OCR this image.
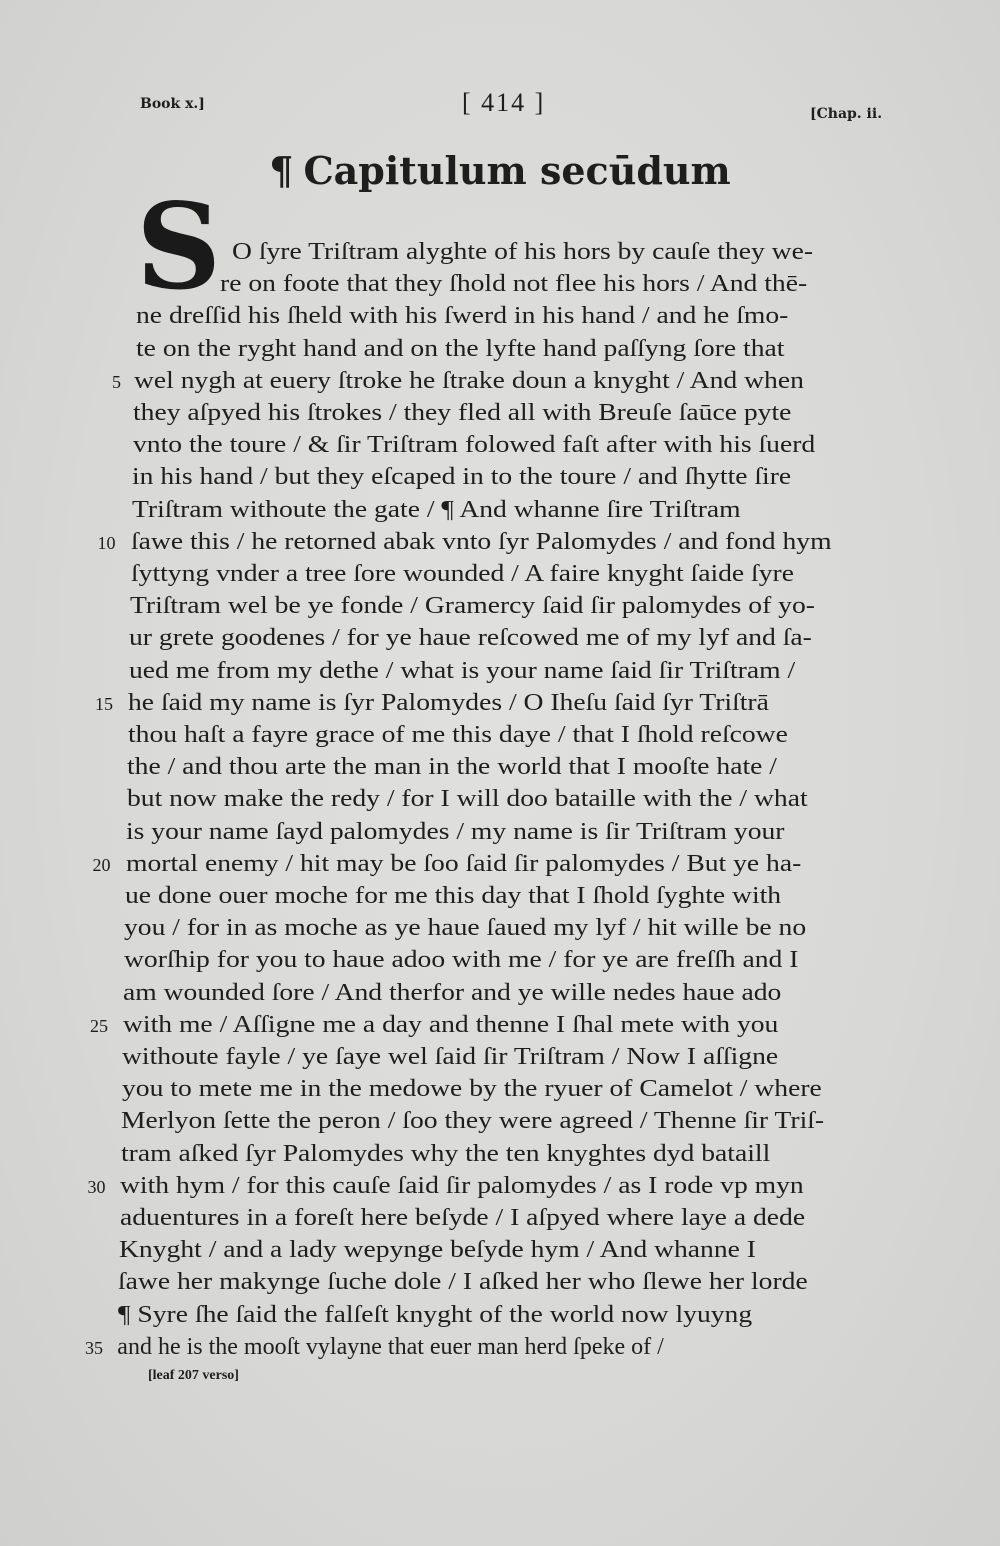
Book x.]	[ 414 ]	[Chap. ii.
¶ Capitulum secūdum
S O ſyre Triſtram alyghte of his hors by cauſe they we-
re on foote that they ſhold not flee his hors / And thē-
ne dreſſid his ſheld with his ſwerd in his hand / and he ſmo-
te on the ryght hand and on the lyfte hand paſſyng ſore that
wel nygh at euery ſtroke he ſtrake doun a knyght / And when
5
they aſpyed his ſtrokes / they fled all with Breuſe ſaūce pyte
vnto the toure / & ſir Triſtram folowed faſt after with his ſuerd
in his hand / but they eſcaped in to the toure / and ſhytte ſire
Triſtram withoute the gate / ¶ And whanne ſire Triſtram
ſawe this / he retorned abak vnto ſyr Palomydes / and fond hym
10
ſyttyng vnder a tree ſore wounded / A faire knyght ſaide ſyre
Triſtram wel be ye fonde / Gramercy ſaid ſir palomydes of yo-
ur grete goodenes / for ye haue reſcowed me of my lyf and ſa-
ued me from my dethe / what is your name ſaid ſir Triſtram /
he ſaid my name is ſyr Palomydes / O Iheſu ſaid ſyr Triſtrā
15
thou haſt a fayre grace of me this daye / that I ſhold reſcowe
the / and thou arte the man in the world that I mooſte hate /
but now make the redy / for I will doo bataille with the / what
is your name ſayd palomydes / my name is ſir Triſtram your
mortal enemy / hit may be ſoo ſaid ſir palomydes / But ye ha-
20
ue done ouer moche for me this day that I ſhold ſyghte with
you / for in as moche as ye haue ſaued my lyf / hit wille be no
worſhip for you to haue adoo with me / for ye are freſſh and I
am wounded ſore / And therfor and ye wille nedes haue ado
with me / Aſſigne me a day and thenne I ſhal mete with you
25
withoute fayle / ye ſaye wel ſaid ſir Triſtram / Now I aſſigne
you to mete me in the medowe by the ryuer of Camelot / where
Merlyon ſette the peron / ſoo they were agreed / Thenne ſir Triſ-
tram aſked ſyr Palomydes why the ten knyghtes dyd bataill
with hym / for this cauſe ſaid ſir palomydes / as I rode vp myn
30
aduentures in a foreſt here beſyde / I aſpyed where laye a dede
Knyght / and a lady wepynge beſyde hym / And whanne I
ſawe her makynge ſuche dole / I aſked her who ſlewe her lorde
¶ Syre ſhe ſaid the falſeſt knyght of the world now lyuyng
and he is the mooſt vylayne that euer man herd ſpeke of /
35
[leaf 207 verso]
